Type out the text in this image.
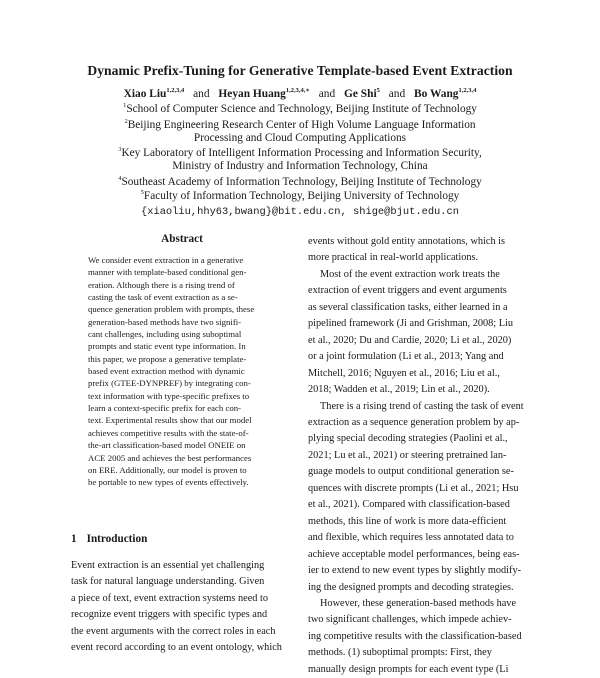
Dynamic Prefix-Tuning for Generative Template-based Event Extraction
Xiao Liu$^{1,2,3,4}$ and Heyan Huang$^{1,2,3,4,∗}$ and Ge Shi$^5$ and Bo Wang$^{1,2,3,4}$
$^1$School of Computer Science and Technology, Beijing Institute of Technology
$^2$Beijing Engineering Research Center of High Volume Language Information
Processing and Cloud Computing Applications
$^3$Key Laboratory of Intelligent Information Processing and Information Security,
Ministry of Industry and Information Technology, China
$^4$Southeast Academy of Information Technology, Beijing Institute of Technology
$^5$Faculty of Information Technology, Beijing University of Technology
{xiaoliu,hhy63,bwang}@bit.edu.cn, shige@bjut.edu.cn
Abstract
We consider event extraction in a generative
manner with template-based conditional gen-
eration. Although there is a rising trend of
casting the task of event extraction as a se-
quence generation problem with prompts, these
generation-based methods have two signifi-
cant challenges, including using suboptimal
prompts and static event type information. In
this paper, we propose a generative template-
based event extraction method with dynamic
prefix (GTEE-DYNPREF) by integrating con-
text information with type-specific prefixes to
learn a context-specific prefix for each con-
text. Experimental results show that our model
achieves competitive results with the state-of-
the-art classification-based model ONEIE on
ACE 2005 and achieves the best performances
on ERE. Additionally, our model is proven to
be portable to new types of events effectively.
1 Introduction
Event extraction is an essential yet challenging
task for natural language understanding. Given
a piece of text, event extraction systems need to
recognize event triggers with specific types and
the event arguments with the correct roles in each
event record according to an event ontology, which
events without gold entity annotations, which is
more practical in real-world applications.
Most of the event extraction work treats the
extraction of event triggers and event arguments
as several classification tasks, either learned in a
pipelined framework (Ji and Grishman, 2008; Liu
et al., 2020; Du and Cardie, 2020; Li et al., 2020)
or a joint formulation (Li et al., 2013; Yang and
Mitchell, 2016; Nguyen et al., 2016; Liu et al.,
2018; Wadden et al., 2019; Lin et al., 2020).
There is a rising trend of casting the task of event
extraction as a sequence generation problem by ap-
plying special decoding strategies (Paolini et al.,
2021; Lu et al., 2021) or steering pretrained lan-
guage models to output conditional generation se-
quences with discrete prompts (Li et al., 2021; Hsu
et al., 2021). Compared with classification-based
methods, this line of work is more data-efficient
and flexible, which requires less annotated data to
achieve acceptable model performances, being eas-
ier to extend to new event types by slightly modify-
ing the designed prompts and decoding strategies.
However, these generation-based methods have
two significant challenges, which impede achiev-
ing competitive results with the classification-based
methods. (1) suboptimal prompts: First, they
manually design prompts for each event type (Li
